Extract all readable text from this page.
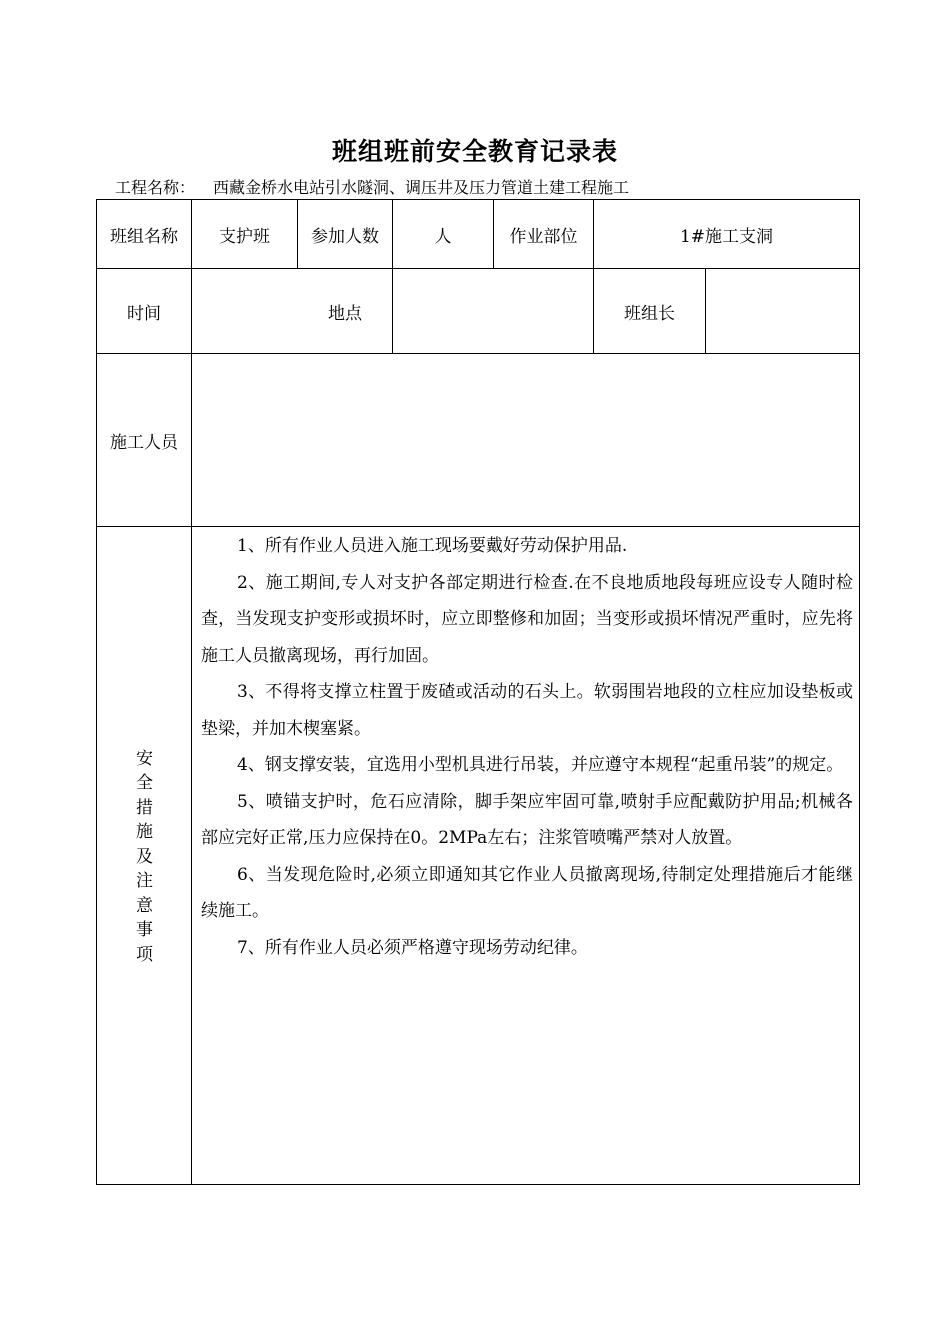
班组班前安全教育记录表
工程名称： 西藏金桥水电站引水隧洞、调压井及压力管道土建工程施工
班组名称	支护班	参加人数	人	作业部位	1#施工支洞
时间	地点	班组长
施工人员
安全措施及注意事项

1、所有作业人员进入施工现场要戴好劳动保护用品.

2、施工期间,专人对支护各部定期进行检查.在不良地质地段每班应设专人随时检查，当发现支护变形或损坏时，应立即整修和加固；当变形或损坏情况严重时，应先将施工人员撤离现场，再行加固。

3、不得将支撑立柱置于废碴或活动的石头上。软弱围岩地段的立柱应加设垫板或垫梁，并加木楔塞紧。

4、钢支撑安装，宜选用小型机具进行吊装，并应遵守本规程“起重吊装”的规定。

5、喷锚支护时，危石应清除，脚手架应牢固可靠,喷射手应配戴防护用品;机械各部应完好正常,压力应保持在0。2MPa左右；注浆管喷嘴严禁对人放置。

6、当发现危险时,必须立即通知其它作业人员撤离现场,待制定处理措施后才能继续施工。

7、所有作业人员必须严格遵守现场劳动纪律。
